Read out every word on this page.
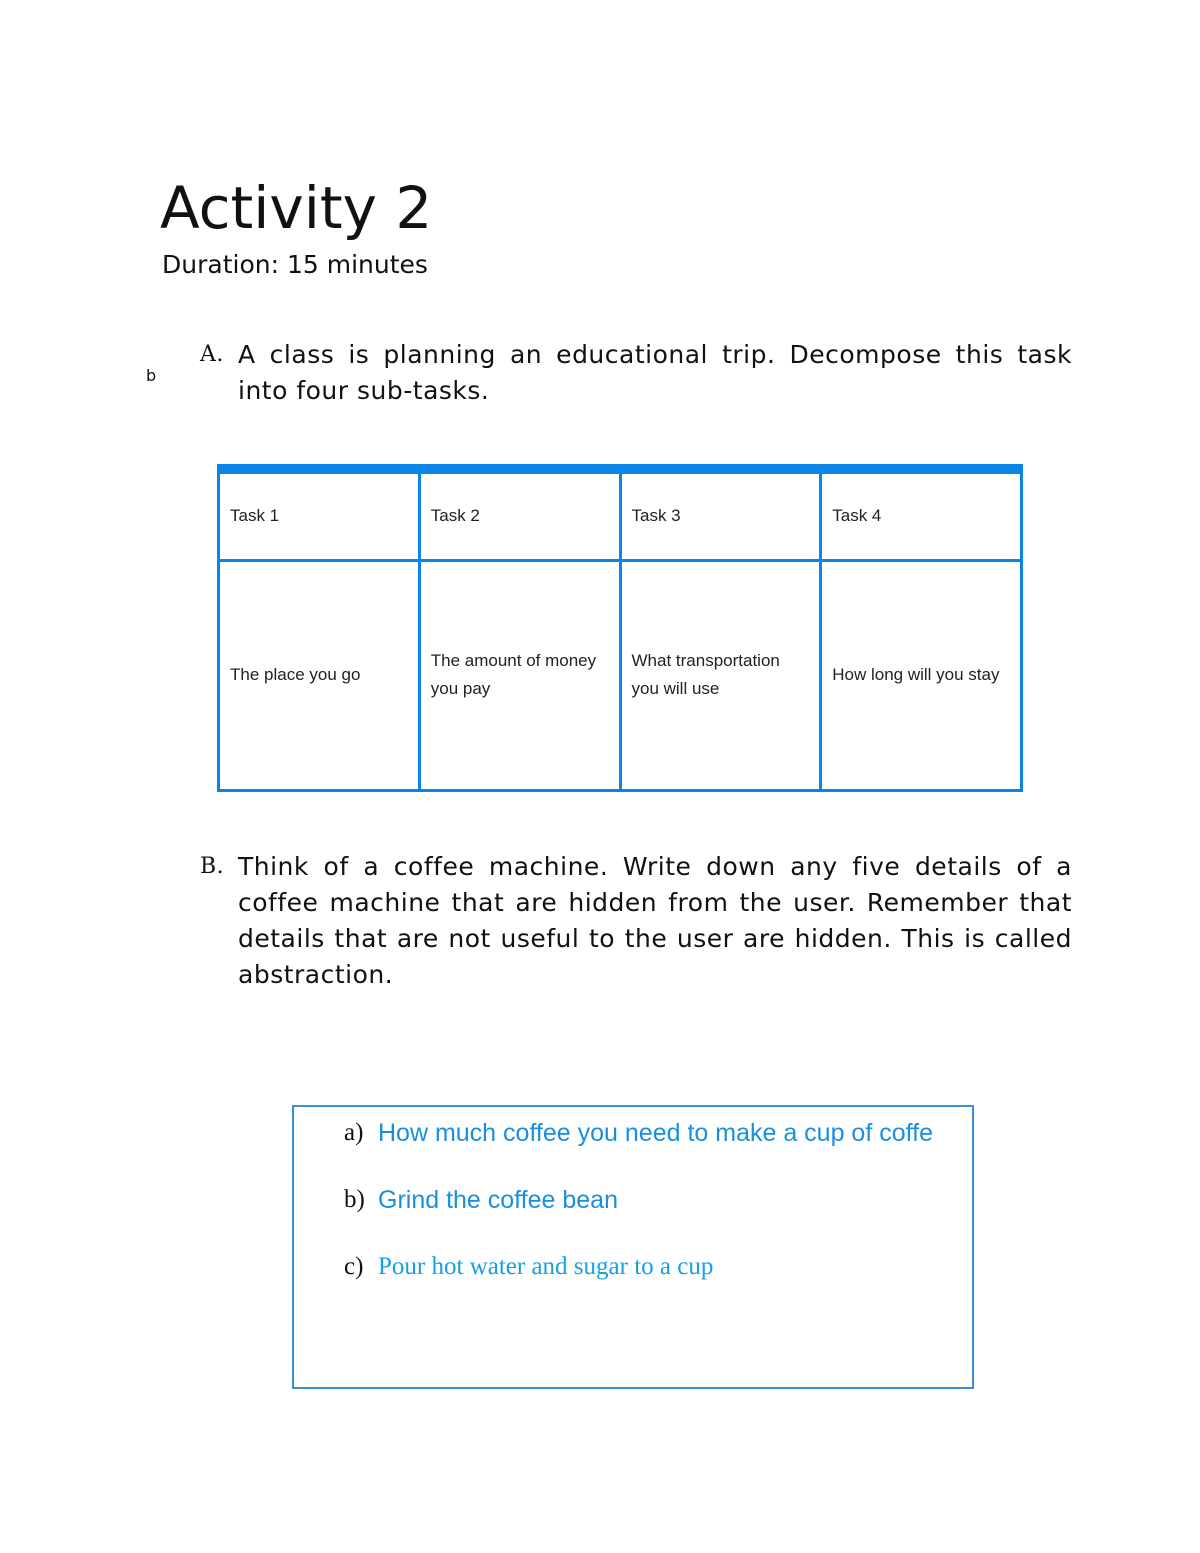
Activity 2
Duration: 15 minutes
b
A. A class is planning an educational trip. Decompose this task into four sub-tasks.
Task 1	Task 2	Task 3	Task 4
The place you go	The amount of money you pay	What transportation you will use	How long will you stay
B. Think of a coffee machine. Write down any five details of a coffee machine that are hidden from the user. Remember that details that are not useful to the user are hidden. This is called abstraction.
a) How much coffee you need to make a cup of coffe
b) Grind the coffee bean
c) Pour hot water and sugar to a cup
